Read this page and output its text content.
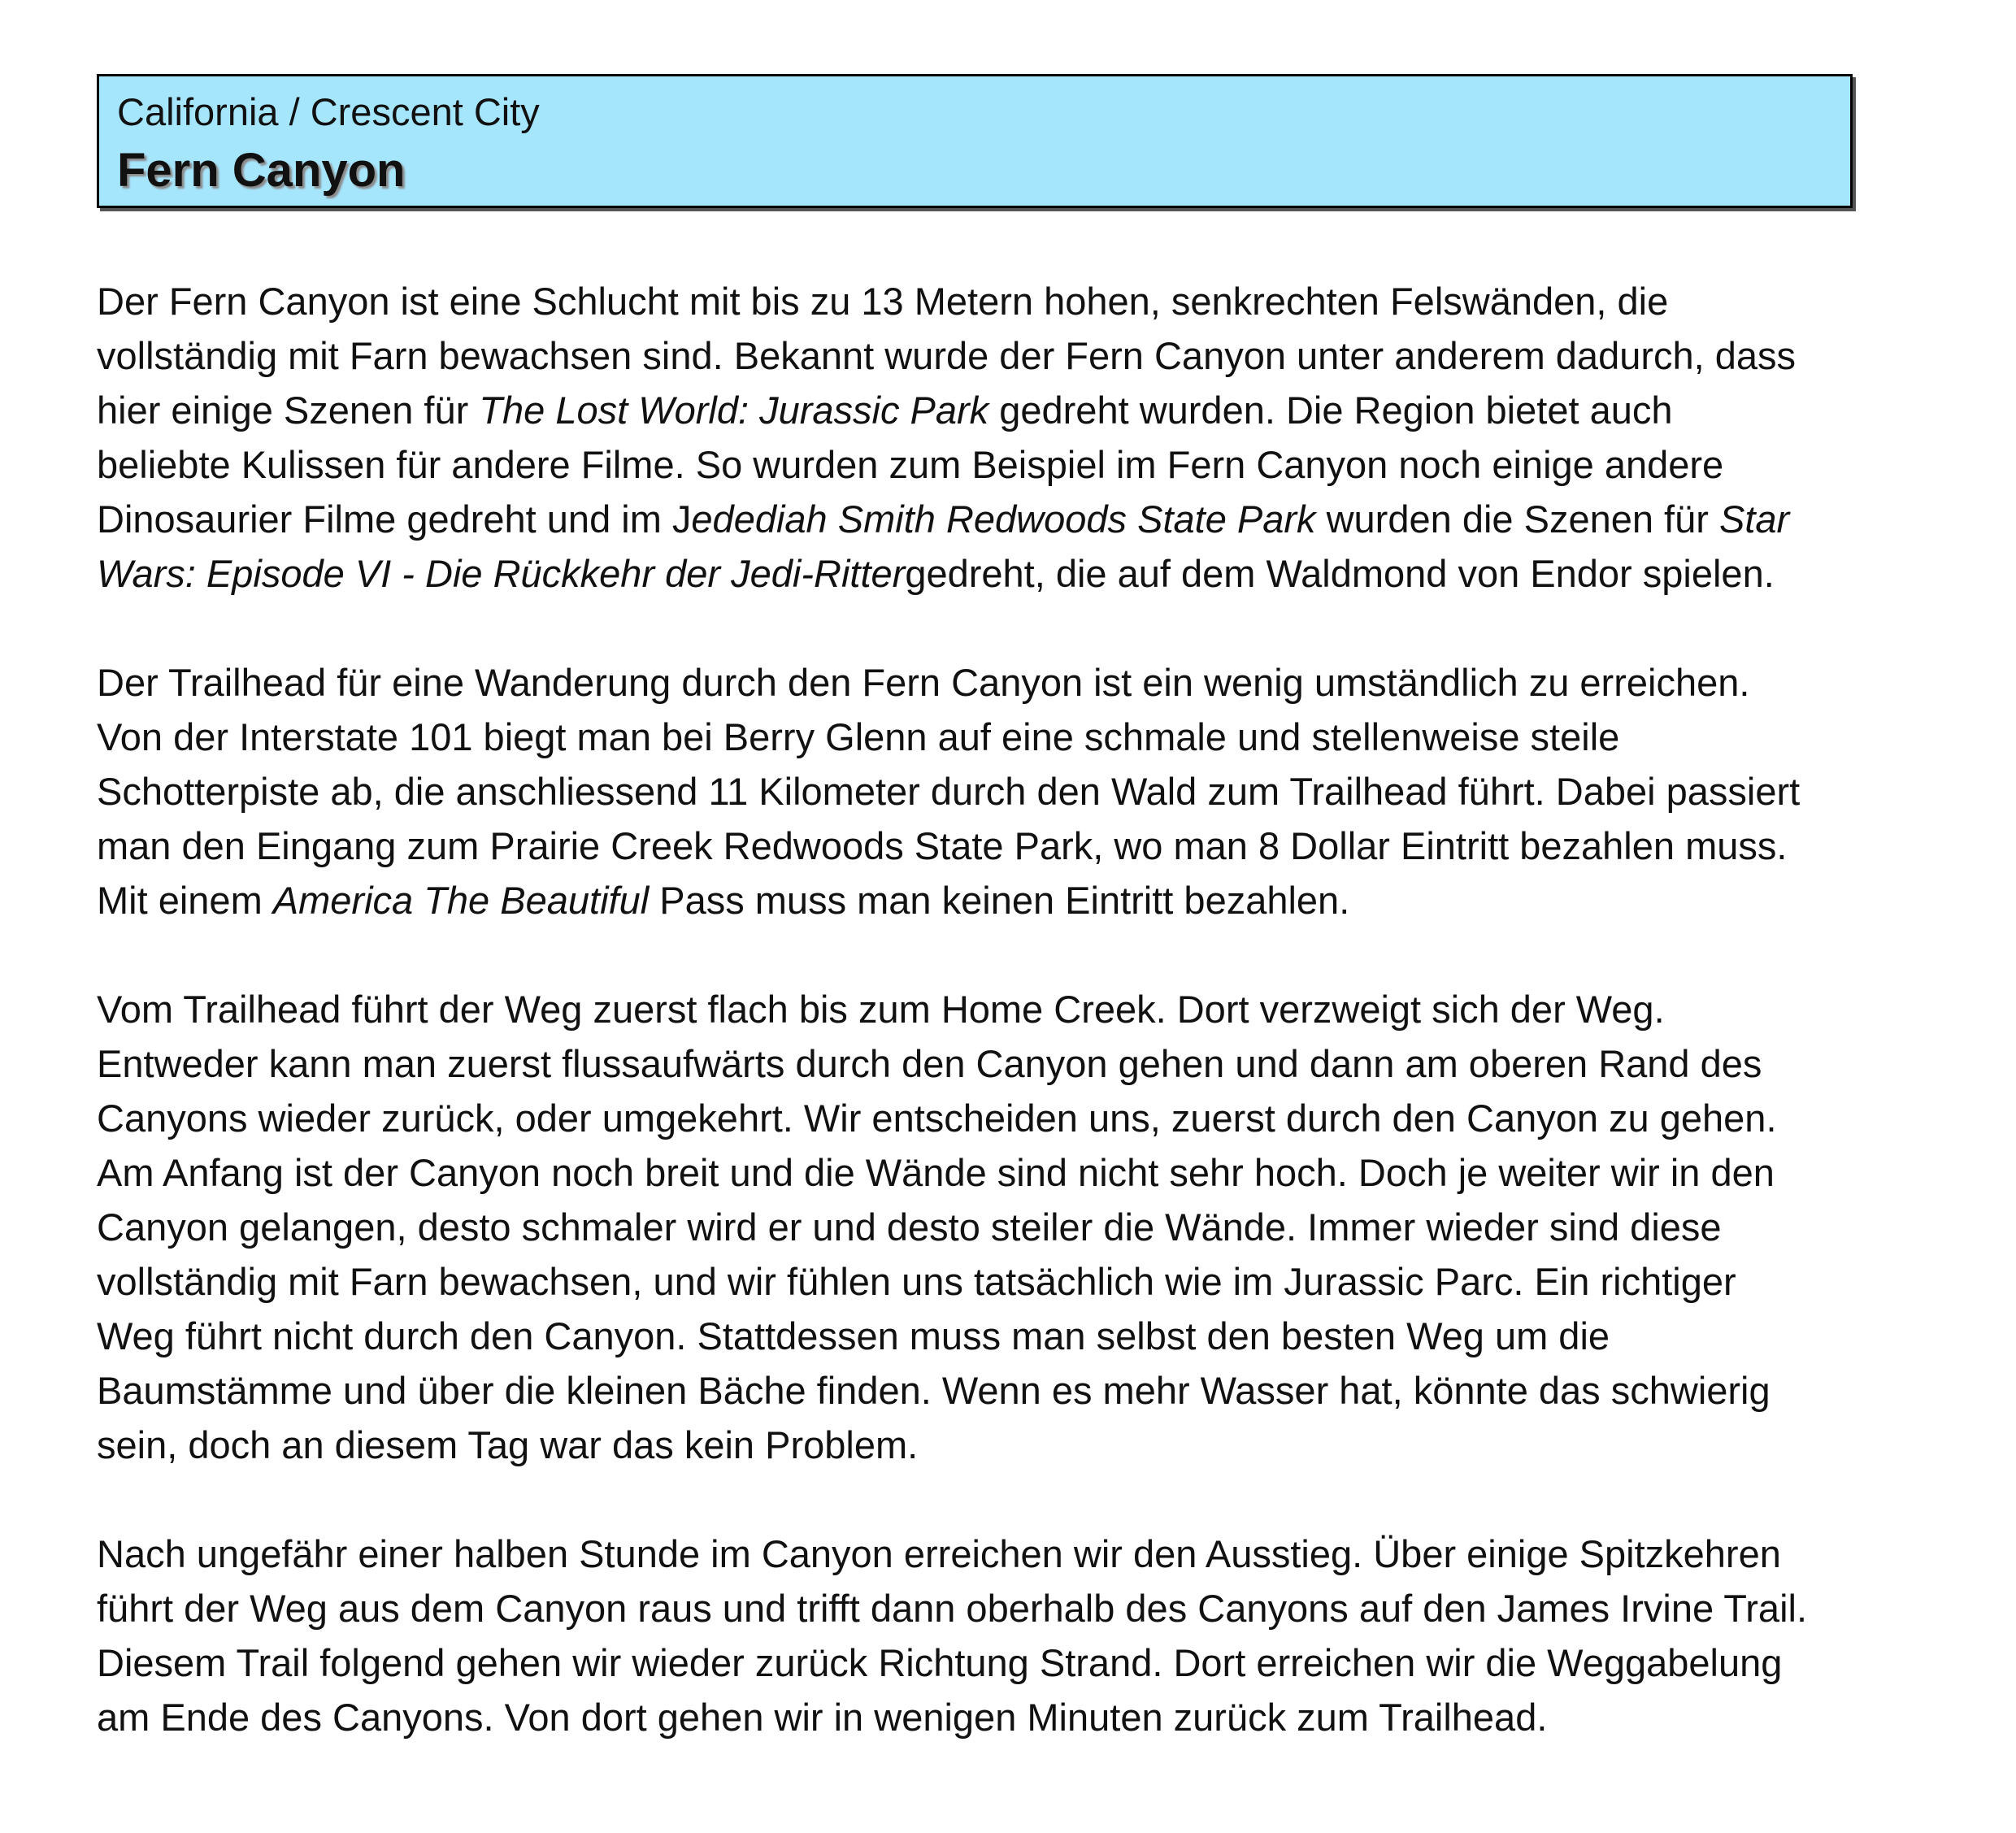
California / Crescent City
Fern Canyon

Der Fern Canyon ist eine Schlucht mit bis zu 13 Metern hohen, senkrechten Felswänden, die
vollständig mit Farn bewachsen sind. Bekannt wurde der Fern Canyon unter anderem dadurch, dass
hier einige Szenen für The Lost World: Jurassic Park gedreht wurden. Die Region bietet auch
beliebte Kulissen für andere Filme. So wurden zum Beispiel im Fern Canyon noch einige andere
Dinosaurier Filme gedreht und im Jedediah Smith Redwoods State Park wurden die Szenen für Star
Wars: Episode VI - Die Rückkehr der Jedi-Rittergedreht, die auf dem Waldmond von Endor spielen.

Der Trailhead für eine Wanderung durch den Fern Canyon ist ein wenig umständlich zu erreichen.
Von der Interstate 101 biegt man bei Berry Glenn auf eine schmale und stellenweise steile
Schotterpiste ab, die anschliessend 11 Kilometer durch den Wald zum Trailhead führt. Dabei passiert
man den Eingang zum Prairie Creek Redwoods State Park, wo man 8 Dollar Eintritt bezahlen muss.
Mit einem America The Beautiful Pass muss man keinen Eintritt bezahlen.

Vom Trailhead führt der Weg zuerst flach bis zum Home Creek. Dort verzweigt sich der Weg.
Entweder kann man zuerst flussaufwärts durch den Canyon gehen und dann am oberen Rand des
Canyons wieder zurück, oder umgekehrt. Wir entscheiden uns, zuerst durch den Canyon zu gehen.
Am Anfang ist der Canyon noch breit und die Wände sind nicht sehr hoch. Doch je weiter wir in den
Canyon gelangen, desto schmaler wird er und desto steiler die Wände. Immer wieder sind diese
vollständig mit Farn bewachsen, und wir fühlen uns tatsächlich wie im Jurassic Parc. Ein richtiger
Weg führt nicht durch den Canyon. Stattdessen muss man selbst den besten Weg um die
Baumstämme und über die kleinen Bäche finden. Wenn es mehr Wasser hat, könnte das schwierig
sein, doch an diesem Tag war das kein Problem.

Nach ungefähr einer halben Stunde im Canyon erreichen wir den Ausstieg. Über einige Spitzkehren
führt der Weg aus dem Canyon raus und trifft dann oberhalb des Canyons auf den James Irvine Trail.
Diesem Trail folgend gehen wir wieder zurück Richtung Strand. Dort erreichen wir die Weggabelung
am Ende des Canyons. Von dort gehen wir in wenigen Minuten zurück zum Trailhead.
